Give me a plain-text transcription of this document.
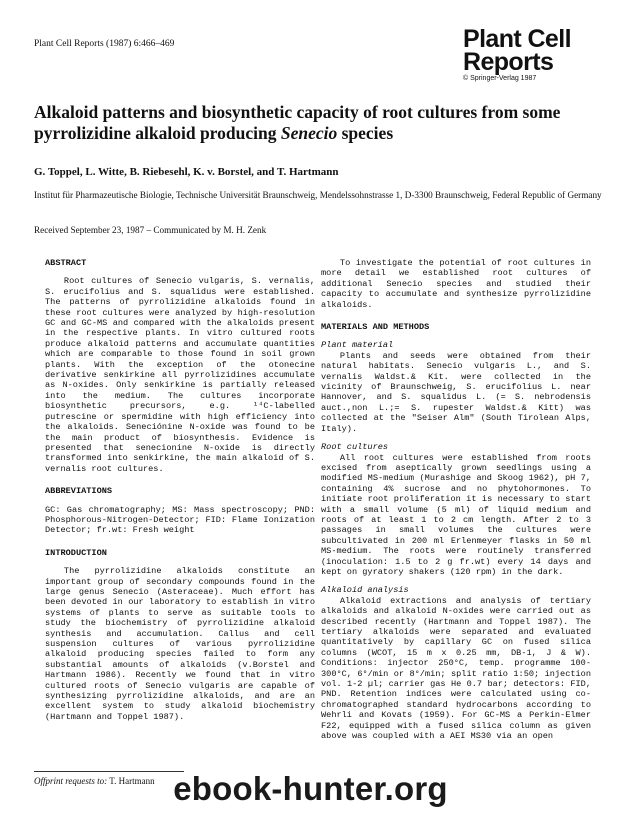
Plant Cell Reports (1987) 6:466–469	Plant Cell
Reports
© Springer-Verlag 1987
Alkaloid patterns and biosynthetic capacity of root cultures from some pyrrolizidine alkaloid producing Senecio species
G. Toppel, L. Witte, B. Riebesehl, K. v. Borstel, and T. Hartmann
Institut für Pharmazeutische Biologie, Technische Universität Braunschweig, Mendelssohnstrasse 1, D-3300 Braunschweig, Federal Republic of Germany
Received September 23, 1987 – Communicated by M. H. Zenk
ABSTRACT

Root cultures of Senecio vulgaris, S. vernalis, S. erucifolius and S. squalidus were established. The patterns of pyrrolizidine alkaloids found in these root cultures were analyzed by high-resolution GC and GC-MS and compared with the alkaloids present in the respective plants. In vitro cultured roots produce alkaloid patterns and accumulate quantities which are comparable to those found in soil grown plants. With the exception of the otonecine derivative senkirkine all pyrrolizidines accumulate as N-oxides. Only senkirkine is partially released into the medium. The cultures incorporate biosynthetic precursors, e.g. ¹⁴C-labelled putrescine or spermidine with high efficiency into the alkaloids. Seneciónine N-oxide was found to be the main product of biosynthesis. Evidence is presented that senecionine N-oxide is directly transformed into senkirkine, the main alkaloid of S. vernalis root cultures.

ABBREVIATIONS

GC: Gas chromatography; MS: Mass spectroscopy; PND: Phosphorous-Nitrogen-Detector; FID: Flame Ionization Detector; fr.wt: Fresh weight

INTRODUCTION

The pyrrolizidine alkaloids constitute an important group of secondary compounds found in the large genus Senecio (Asteraceae). Much effort has been devoted in our laboratory to establish in vitro systems of plants to serve as suitable tools to study the biochemistry of pyrrolizidine alkaloid synthesis and accumulation. Callus and cell suspension cultures of various pyrrolizidine alkaloid producing species failed to form any substantial amounts of alkaloids (v.Borstel and Hartmann 1986). Recently we found that in vitro cultured roots of Senecio vulgaris are capable of synthesizing pyrrolizidine alkaloids, and are an excellent system to study alkaloid biochemistry (Hartmann and Toppel 1987).

To investigate the potential of root cultures in more detail we established root cultures of additional Senecio species and studied their capacity to accumulate and synthesize pyrrolizidine alkaloids.

MATERIALS AND METHODS
Plant material

Plants and seeds were obtained from their natural habitats. Senecio vulgaris L., and S. vernalis Waldst.& Kit. were collected in the vicinity of Braunschweig, S. erucifolius L. near Hannover, and S. squalidus L. (= S. nebrodensis auct.,non L.;= S. rupester Waldst.& Kitt) was collected at the "Seiser Alm" (South Tirolean Alps, Italy).

Root cultures

All root cultures were established from roots excised from aseptically grown seedlings using a modified MS-medium (Murashige and Skoog 1962), pH 7, containing 4% sucrose and no phytohormones. To initiate root proliferation it is necessary to start with a small volume (5 ml) of liquid medium and roots of at least 1 to 2 cm length. After 2 to 3 passages in small volumes the cultures were subcultivated in 200 ml Erlenmeyer flasks in 50 ml MS-medium. The roots were routinely transferred (inoculation: 1.5 to 2 g fr.wt) every 14 days and kept on gyratory shakers (120 rpm) in the dark.

Alkaloid analysis

Alkaloid extractions and analysis of tertiary alkaloids and alkaloid N-oxides were carried out as described recently (Hartmann and Toppel 1987). The tertiary alkaloids were separated and evaluated quantitatively by capillary GC on fused silica columns (WCOT, 15 m x 0.25 mm, DB-1, J & W). Conditions: injector 250°C, temp. programme 100-300°C, 6°/min or 8°/min; split ratio 1:50; injection vol. 1-2 µl; carrier gas He 0.7 bar; detectors: FID, PND. Retention indices were calculated using co-chromatographed standard hydrocarbons according to Wehrli and Kovats (1959). For GC-MS a Perkin-Elmer F22, equipped with a fused silica column as given above was coupled with a AEI MS30 via an open

Offprint requests to: T. Hartmann ebook-hunter.org
